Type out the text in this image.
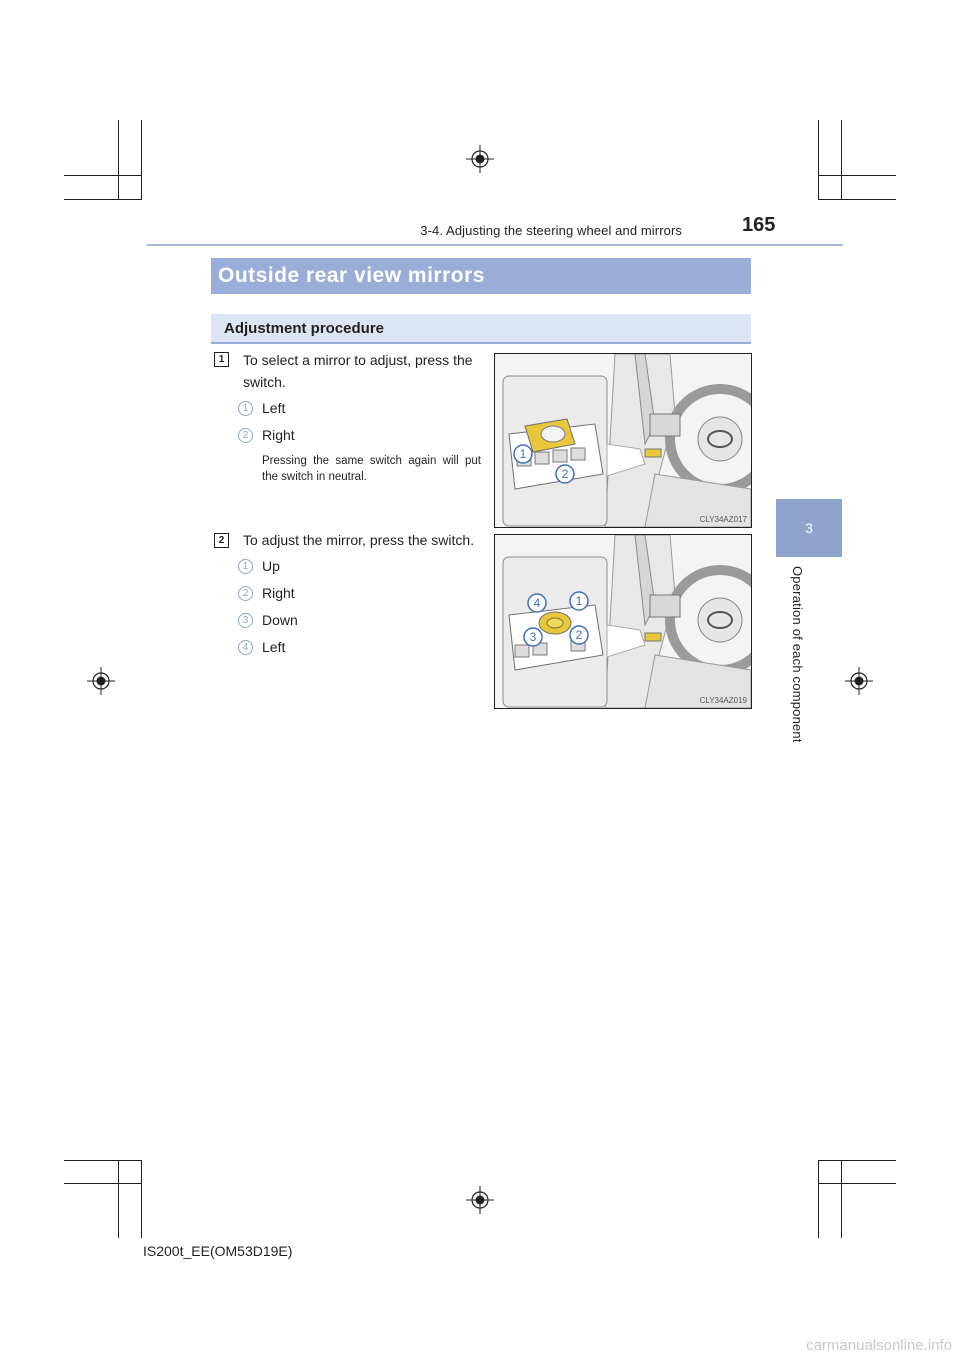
3-4. Adjusting the steering wheel and mirrors	165
3
Operation of each component
Outside rear view mirrors
Adjustment procedure
1	To select a mirror to adjust, press the switch.
1 Left
2 Right
Pressing the same switch again will put the switch in neutral.
1
2
CLY34AZ017
2	To adjust the mirror, press the switch.
1 Up
2 Right
3 Down
4 Left
4	1
3	2
CLY34AZ019
IS200t_EE(OM53D19E)
carmanualsonline.info
